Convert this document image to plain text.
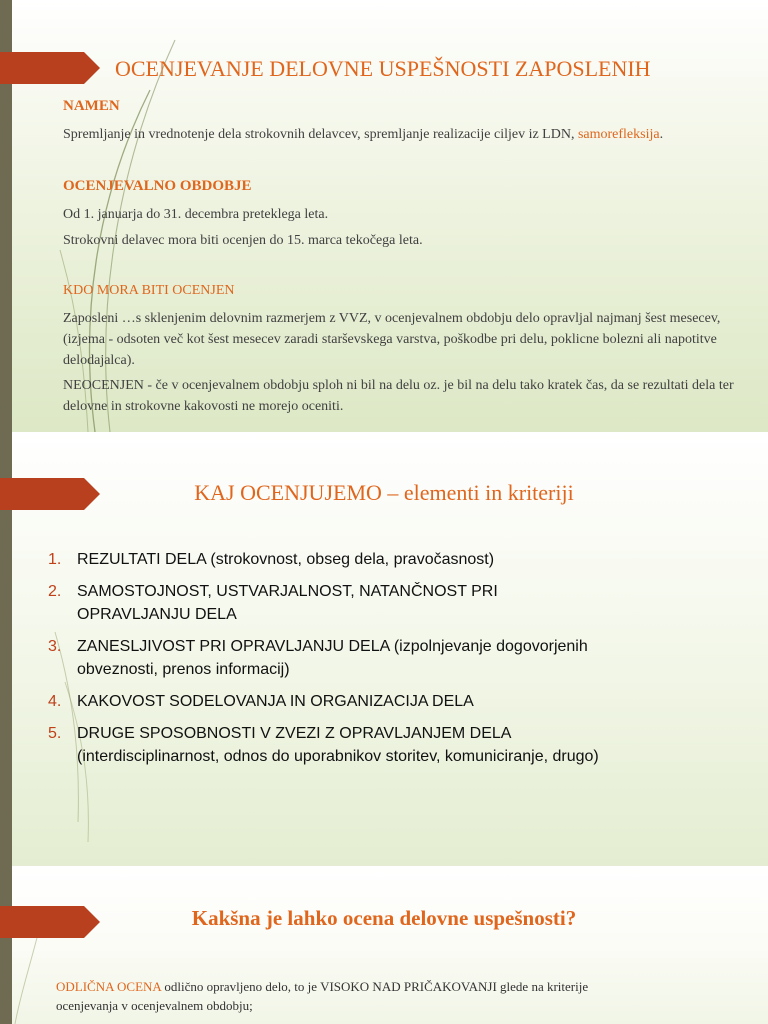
OCENJEVANJE DELOVNE USPEŠNOSTI ZAPOSLENIH
NAMEN

Spremljanje in vrednotenje dela strokovnih delavcev, spremljanje realizacije ciljev iz LDN, samorefleksija.

OCENJEVALNO OBDOBJE

Od 1. januarja do 31. decembra preteklega leta.

Strokovni delavec mora biti ocenjen do 15. marca tekočega leta.

KDO MORA BITI OCENJEN

Zaposleni …s sklenjenim delovnim razmerjem z VVZ, v ocenjevalnem obdobju delo opravljal najmanj šest mesecev, (izjema - odsoten več kot šest mesecev zaradi starševskega varstva, poškodbe pri delu, poklicne bolezni ali napotitve delodajalca).

NEOCENJEN - če v ocenjevalnem obdobju sploh ni bil na delu oz. je bil na delu tako kratek čas, da se rezultati dela ter delovne in strokovne kakovosti ne morejo oceniti.

KAJ OCENJUJEMO – elementi in kriteriji
1. REZULTATI DELA (strokovnost, obseg dela, pravočasnost)
2. SAMOSTOJNOST, USTVARJALNOST, NATANČNOST PRI OPRAVLJANJU DELA
3. ZANESLJIVOST PRI OPRAVLJANJU DELA (izpolnjevanje dogovorjenih obveznosti, prenos informacij)
4. KAKOVOST SODELOVANJA IN ORGANIZACIJA DELA
5. DRUGE SPOSOBNOSTI V ZVEZI Z OPRAVLJANJEM DELA (interdisciplinarnost, odnos do uporabnikov storitev, komuniciranje, drugo)
Kakšna je lahko ocena delovne uspešnosti?

ODLIČNA OCENA odlično opravljeno delo, to je VISOKO NAD PRIČAKOVANJI glede na kriterije ocenjevanja v ocenjevalnem obdobju;
